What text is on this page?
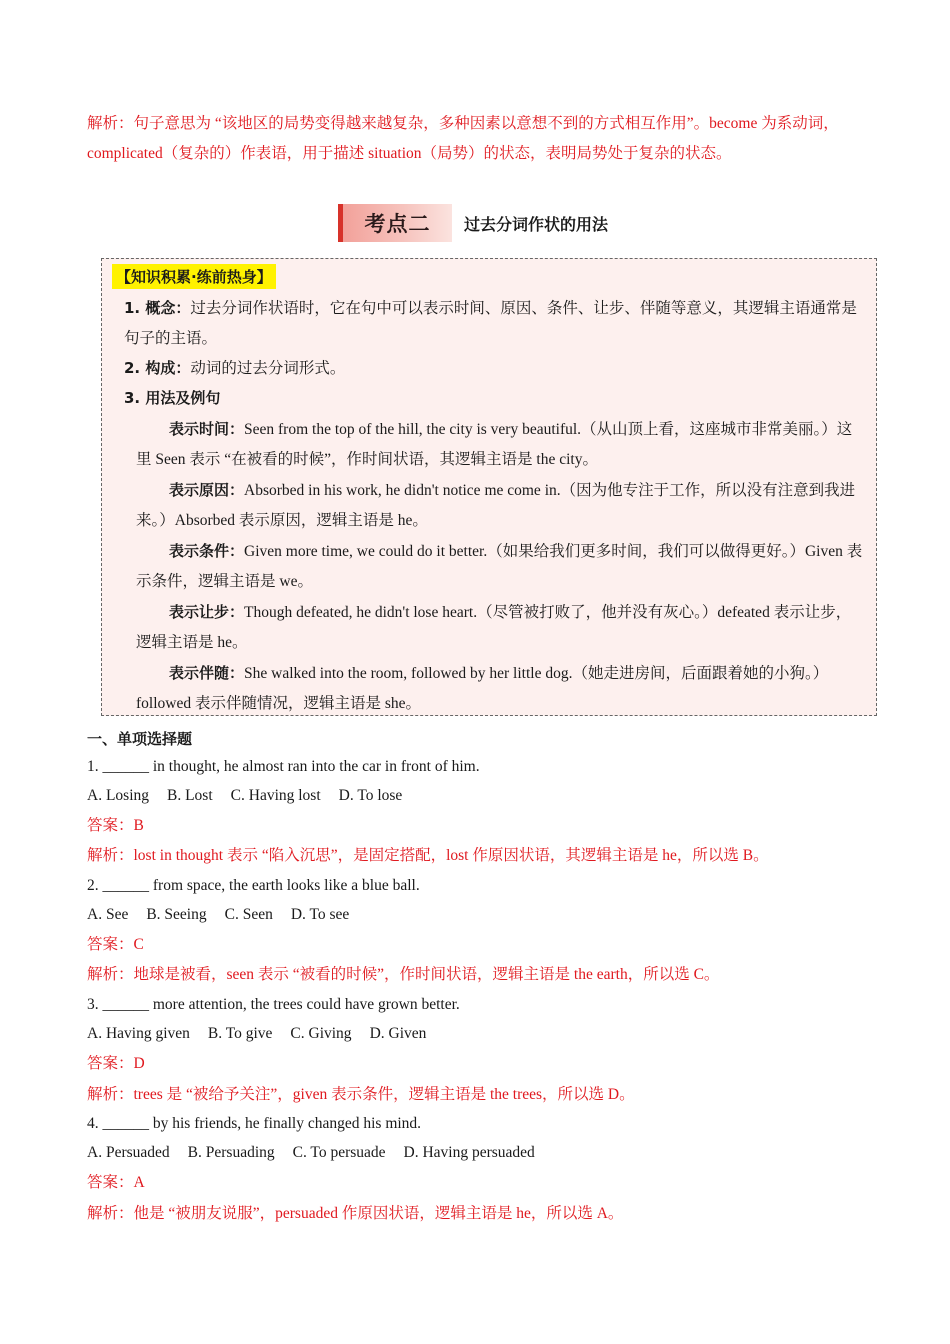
解析：句子意思为 “该地区的局势变得越来越复杂，多种因素以意想不到的方式相互作用”。become 为系动词，complicated（复杂的）作表语，用于描述 situation（局势）的状态，表明局势处于复杂的状态。

考点二	过去分词作状的用法
【知识积累·练前热身】

1. 概念：过去分词作状语时，它在句中可以表示时间、原因、条件、让步、伴随等意义，其逻辑主语通常是句子的主语。

2. 构成：动词的过去分词形式。

3. 用法及例句

表示时间：Seen from the top of the hill, the city is very beautiful.（从山顶上看，这座城市非常美丽。）这里 Seen 表示 “在被看的时候”，作时间状语，其逻辑主语是 the city。

表示原因：Absorbed in his work, he didn't notice me come in.（因为他专注于工作，所以没有注意到我进来。）Absorbed 表示原因，逻辑主语是 he。

表示条件：Given more time, we could do it better.（如果给我们更多时间，我们可以做得更好。）Given 表示条件，逻辑主语是 we。

表示让步：Though defeated, he didn't lose heart.（尽管被打败了，他并没有灰心。）defeated 表示让步，逻辑主语是 he。

表示伴随：She walked into the room, followed by her little dog.（她走进房间，后面跟着她的小狗。）followed 表示伴随情况，逻辑主语是 she。

一、单项选择题

1. ______ in thought, he almost ran into the car in front of him.

A. Losing B. Lost C. Having lost D. To lose

答案：B

解析：lost in thought 表示 “陷入沉思”，是固定搭配，lost 作原因状语，其逻辑主语是 he，所以选 B。

2. ______ from space, the earth looks like a blue ball.

A. See B. Seeing C. Seen D. To see

答案：C

解析：地球是被看，seen 表示 “被看的时候”，作时间状语，逻辑主语是 the earth，所以选 C。

3. ______ more attention, the trees could have grown better.

A. Having given B. To give C. Giving D. Given

答案：D

解析：trees 是 “被给予关注”，given 表示条件，逻辑主语是 the trees，所以选 D。

4. ______ by his friends, he finally changed his mind.

A. Persuaded B. Persuading C. To persuade D. Having persuaded

答案：A

解析：他是 “被朋友说服”，persuaded 作原因状语，逻辑主语是 he，所以选 A。
